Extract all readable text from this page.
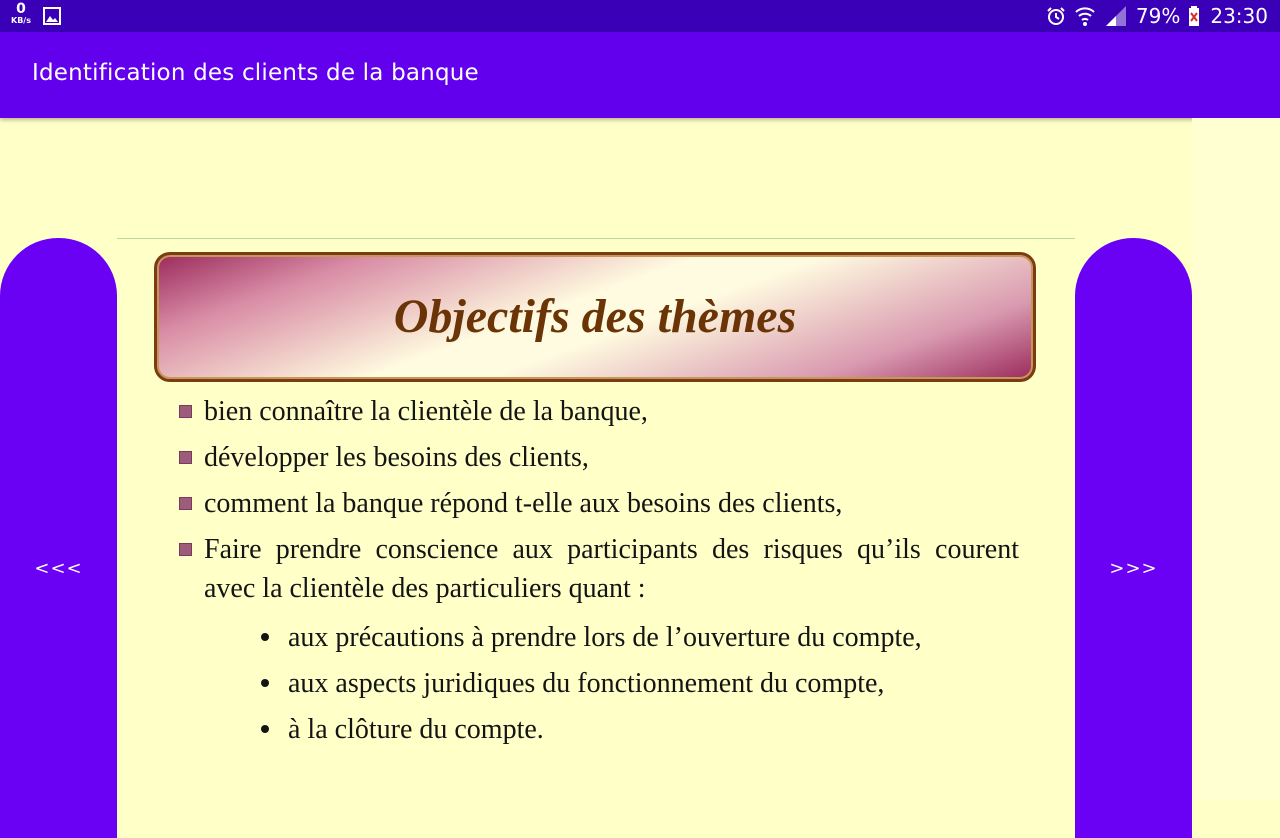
0
KB/s	79% 23:30
Identification des clients de la banque
Objectifs des thèmes
bien connaître la clientèle de la banque,
développer les besoins des clients,
comment la banque répond t-elle aux besoins des clients,
Faire prendre conscience aux participants des risques qu’ils courent avec la clientèle des particuliers quant :
aux précautions à prendre lors de l’ouverture du compte,
aux aspects juridiques du fonctionnement du compte,
à la clôture du compte.
<<<	>>>
